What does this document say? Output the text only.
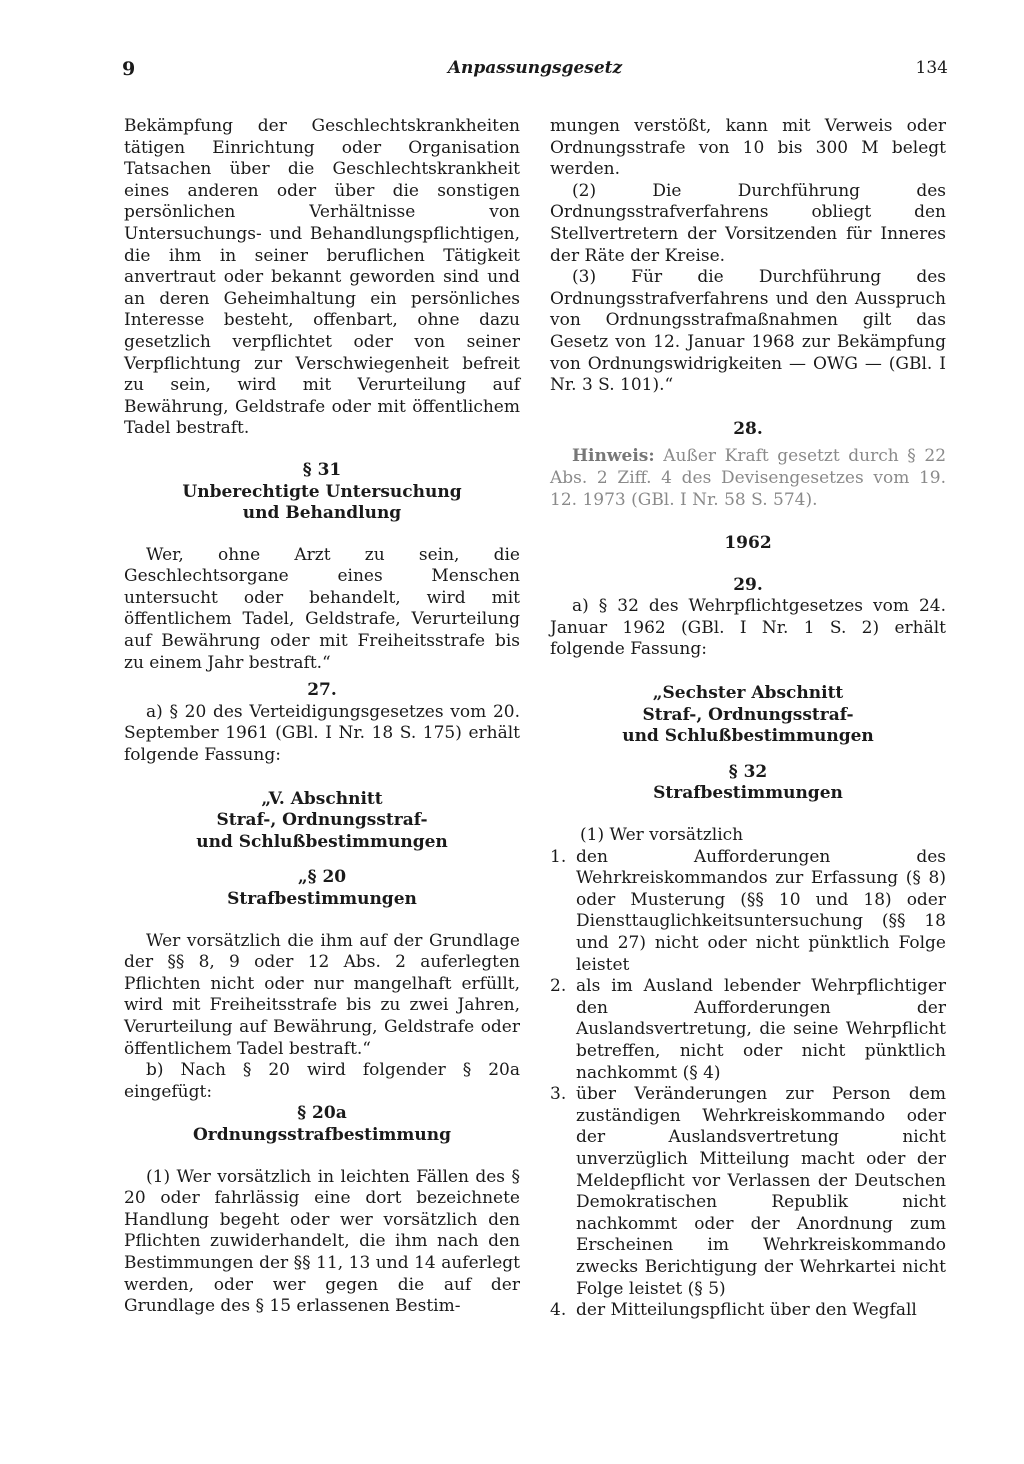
9	Anpassungsgesetz	134

Bekämpfung der Geschlechtskrankheiten tätigen Einrichtung oder Organisation Tatsachen über die Geschlechtskrankheit eines anderen oder über die sonstigen persönlichen Verhältnisse von Untersuchungs- und Behandlungspflichtigen, die ihm in seiner beruflichen Tätigkeit anvertraut oder bekannt geworden sind und an deren Geheimhaltung ein persönliches Interesse besteht, offenbart, ohne dazu gesetzlich verpflichtet oder von seiner Verpflichtung zur Verschwiegenheit befreit zu sein, wird mit Verurteilung auf Bewährung, Geldstrafe oder mit öffentlichem Tadel bestraft.

§ 31

Unberechtigte Untersuchung

und Behandlung

Wer, ohne Arzt zu sein, die Geschlechtsorgane eines Menschen untersucht oder behandelt, wird mit öffentlichem Tadel, Geldstrafe, Verurteilung auf Bewährung oder mit Freiheitsstrafe bis zu einem Jahr bestraft.“

27.

a) § 20 des Verteidigungsgesetzes vom 20. September 1961 (GBl. I Nr. 18 S. 175) erhält folgende Fassung:

„V. Abschnitt

Straf-, Ordnungsstraf-

und Schlußbestimmungen

„§ 20

Strafbestimmungen

Wer vorsätzlich die ihm auf der Grundlage der §§ 8, 9 oder 12 Abs. 2 auferlegten Pflichten nicht oder nur mangelhaft erfüllt, wird mit Freiheitsstrafe bis zu zwei Jahren, Verurteilung auf Bewährung, Geldstrafe oder öffentlichem Tadel bestraft.“

b) Nach § 20 wird folgender § 20a eingefügt:

§ 20a

Ordnungsstrafbestimmung

(1) Wer vorsätzlich in leichten Fällen des § 20 oder fahrlässig eine dort bezeichnete Handlung begeht oder wer vorsätzlich den Pflichten zuwiderhandelt, die ihm nach den Bestimmungen der §§ 11, 13 und 14 auferlegt werden, oder wer gegen die auf der Grundlage des § 15 erlassenen Bestim-

mungen verstößt, kann mit Verweis oder Ordnungsstrafe von 10 bis 300 M belegt werden.

(2) Die Durchführung des Ordnungsstrafverfahrens obliegt den Stellvertretern der Vorsitzenden für Inneres der Räte der Kreise.

(3) Für die Durchführung des Ordnungsstrafverfahrens und den Ausspruch von Ordnungsstrafmaßnahmen gilt das Gesetz von 12. Januar 1968 zur Bekämpfung von Ordnungswidrigkeiten — OWG — (GBl. I Nr. 3 S. 101).“

28.

Hinweis: Außer Kraft gesetzt durch § 22 Abs. 2 Ziff. 4 des Devisengesetzes vom 19. 12. 1973 (GBl. I Nr. 58 S. 574).

1962

29.

a) § 32 des Wehrpflichtgesetzes vom 24. Januar 1962 (GBl. I Nr. 1 S. 2) erhält folgende Fassung:

„Sechster Abschnitt

Straf-, Ordnungsstraf-

und Schlußbestimmungen

§ 32

Strafbestimmungen

(1) Wer vorsätzlich

1. den Aufforderungen des Wehrkreiskommandos zur Erfassung (§ 8) oder Musterung (§§ 10 und 18) oder Diensttauglichkeitsuntersuchung (§§ 18 und 27) nicht oder nicht pünktlich Folge leistet
2. als im Ausland lebender Wehrpflichtiger den Aufforderungen der Auslandsvertretung, die seine Wehrpflicht betreffen, nicht oder nicht pünktlich nachkommt (§ 4)
3. über Veränderungen zur Person dem zuständigen Wehrkreiskommando oder der Auslandsvertretung nicht unverzüglich Mitteilung macht oder der Meldepflicht vor Verlassen der Deutschen Demokratischen Republik nicht nachkommt oder der Anordnung zum Erscheinen im Wehrkreiskommando zwecks Berichtigung der Wehrkartei nicht Folge leistet (§ 5)
4. der Mitteilungspflicht über den Wegfall
